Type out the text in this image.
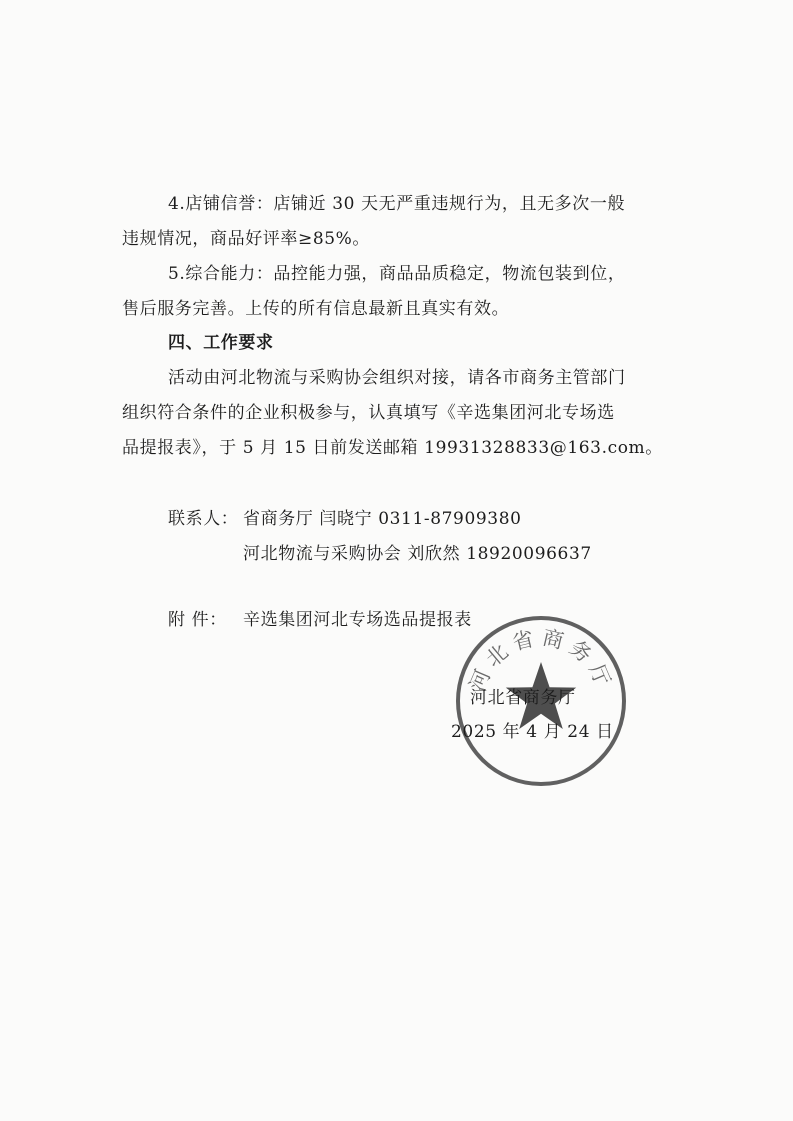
4.店铺信誉：店铺近 30 天无严重违规行为，且无多次一般

违规情况，商品好评率≥85%。

5.综合能力：品控能力强，商品品质稳定，物流包装到位，

售后服务完善。上传的所有信息最新且真实有效。

四、工作要求

活动由河北物流与采购协会组织对接，请各市商务主管部门

组织符合条件的企业积极参与，认真填写《辛选集团河北专场选

品提报表》，于 5 月 15 日前发送邮箱 19931328833@163.com。

联系人： 省商务厅 闫晓宁 0311-87909380

河北物流与采购协会 刘欣然 18920096637

附 件： 辛选集团河北专场选品提报表

河北省商务厅

河北省商务厅

2025 年 4 月 24 日
